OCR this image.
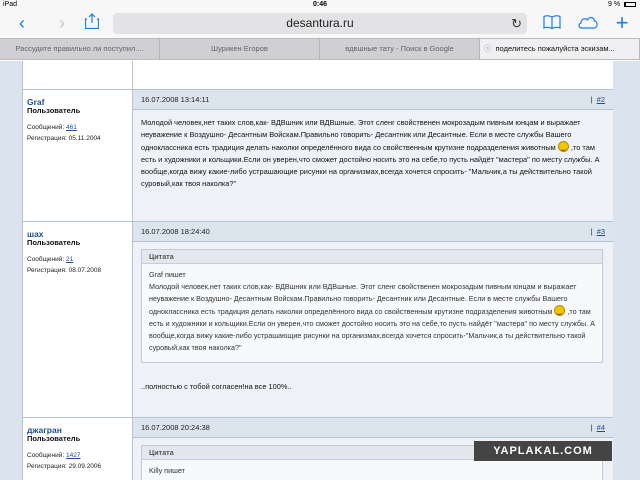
iPad	0:46	9 %
‹	›	desantura.ru	↻	+
Рассудите правильно ли поступил....	Шурикен Егоров	вдвшные тату - Поиск в Google	ⓧ поделитесь пожалуйста эскизам...
Graf
Пользователь
Сообщений: 461
Регистрация: 05.11.2004
16.07.2008 13:14:11	| #2
Молодой человек,нет таких слов,как- ВДВшник или ВДВшные. Этот сленг свойственен мокрозадым пивным юнцам и выражает неуважение к Воздушно- Десантным Войскам.Правильно говорить- Десантник или Десантные. Если в месте службы Вашего одноклассника есть традиция делать наколки определённого вида со свойственным крутизне подразделения животным ,то там есть и художники и кольщики.Если он уверен,что сможет достойно носить это на себе,то пусть найдёт "мастера" по месту службы. А вообще,когда вижу какие-либо устрашающие рисунки на организмах,всегда хочется спросить- "Мальчик,а ты действительно такой суровый,как твоя наколка?"
шах
Пользователь
Сообщений: 21
Регистрация: 08.07.2008
16.07.2008 18:24:40	| #3
Цитата
Graf пишет
Молодой человек,нет таких слов,как- ВДВшник или ВДВшные. Этот сленг свойственен мокрозадым пивным юнцам и выражает неуважение к Воздушно- Десантным Войскам.Правильно говорить- Десантник или Десантные. Если в месте службы Вашего одноклассника есть традиция делать наколки определённого вида со свойственным крутизне подразделения животным ,то там есть и художники и кольщики.Если он уверен,что сможет достойно носить это на себе,то пусть найдёт "мастера" по месту службы. А вообще,когда вижу какие-либо устрашающие рисунки на организмах,всегда хочется спросить-"Мальчик,а ты действительно такой суровый,как твоя наколка?"
..полностью с тобой согласен!на все 100%..
джагран
Пользователь
Сообщений: 1427
Регистрация: 29.09.2006
16.07.2008 20:24:38	| #4
Цитата
Killy пишет
YAPLAKAL.COM
